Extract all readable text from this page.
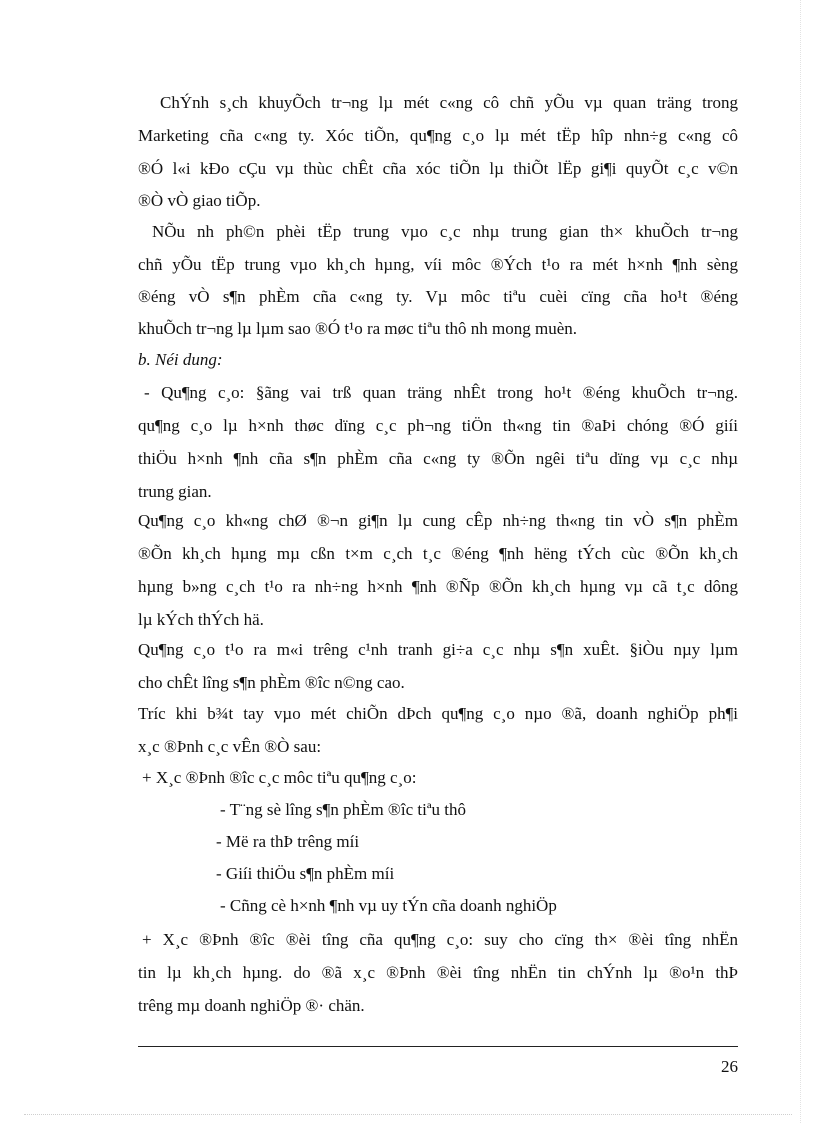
ChÝnh s¸ch khuyÕch tr¬ng lµ mét c«ng cô chñ yÕu vµ quan träng trong

Marketing cña c«ng ty. Xóc tiÕn, qu¶ng c¸o lµ mét tËp hîp nhn÷g c«ng cô

®Ó l«i kÐo cÇu vµ thùc chÊt cña xóc tiÕn lµ thiÕt lËp gi¶i quyÕt c¸c v©n

®Ò vÒ giao tiÕp.

NÕu nh ph©n phèi tËp trung vµo c¸c nhµ trung gian th× khuÕch tr¬ng

chñ yÕu tËp trung vµo kh¸ch hµng, víi môc ®Ých t¹o ra mét h×nh ¶nh sèng

®éng vÒ s¶n phÈm cña c«ng ty. Vµ môc tiªu cuèi cïng cña ho¹t ®éng

khuÕch tr¬ng lµ lµm sao ®Ó t¹o ra møc tiªu thô nh mong muèn.

b. Néi dung:

- Qu¶ng c¸o: §ãng vai trß quan träng nhÊt trong ho¹t ®éng khuÕch tr¬ng.

qu¶ng c¸o lµ h×nh thøc dïng c¸c ph¬ng tiÖn th«ng tin ®aÞi chóng ®Ó giíi

thiÖu h×nh ¶nh cña s¶n phÈm cña c«ng ty ®Õn ngêi tiªu dïng vµ c¸c nhµ

trung gian.

Qu¶ng c¸o kh«ng chØ ®¬n gi¶n lµ cung cÊp nh÷ng th«ng tin vÒ s¶n phÈm

®Õn kh¸ch hµng mµ cßn t×m c¸ch t¸c ®éng ¶nh hëng tÝch cùc ®Õn kh¸ch

hµng b»ng c¸ch t¹o ra nh÷ng h×nh ¶nh ®Ñp ®Õn kh¸ch hµng vµ cã t¸c dông

lµ kÝch thÝch hä.

Qu¶ng c¸o t¹o ra m«i trêng c¹nh tranh gi÷a c¸c nhµ s¶n xuÊt. §iÒu nµy lµm

cho chÊt lîng s¶n phÈm ®îc n©ng cao.

Tríc khi b¾t tay vµo mét chiÕn dÞch qu¶ng c¸o nµo ®ã, doanh nghiÖp ph¶i

x¸c ®Þnh c¸c vÊn ®Ò sau:

+ X¸c ®Þnh ®îc c¸c môc tiªu qu¶ng c¸o:

- T¨ng sè lîng s¶n phÈm ®îc tiªu thô

- Më ra thÞ trêng míi

- Giíi thiÖu s¶n phÈm míi

- Cñng cè h×nh ¶nh vµ uy tÝn cña doanh nghiÖp

+ X¸c ®Þnh ®îc ®èi tîng cña qu¶ng c¸o: suy cho cïng th× ®èi tîng nhËn

tin lµ kh¸ch hµng. do ®ã x¸c ®Þnh ®èi tîng nhËn tin chÝnh lµ ®o¹n thÞ

trêng mµ doanh nghiÖp ®· chän.

26
